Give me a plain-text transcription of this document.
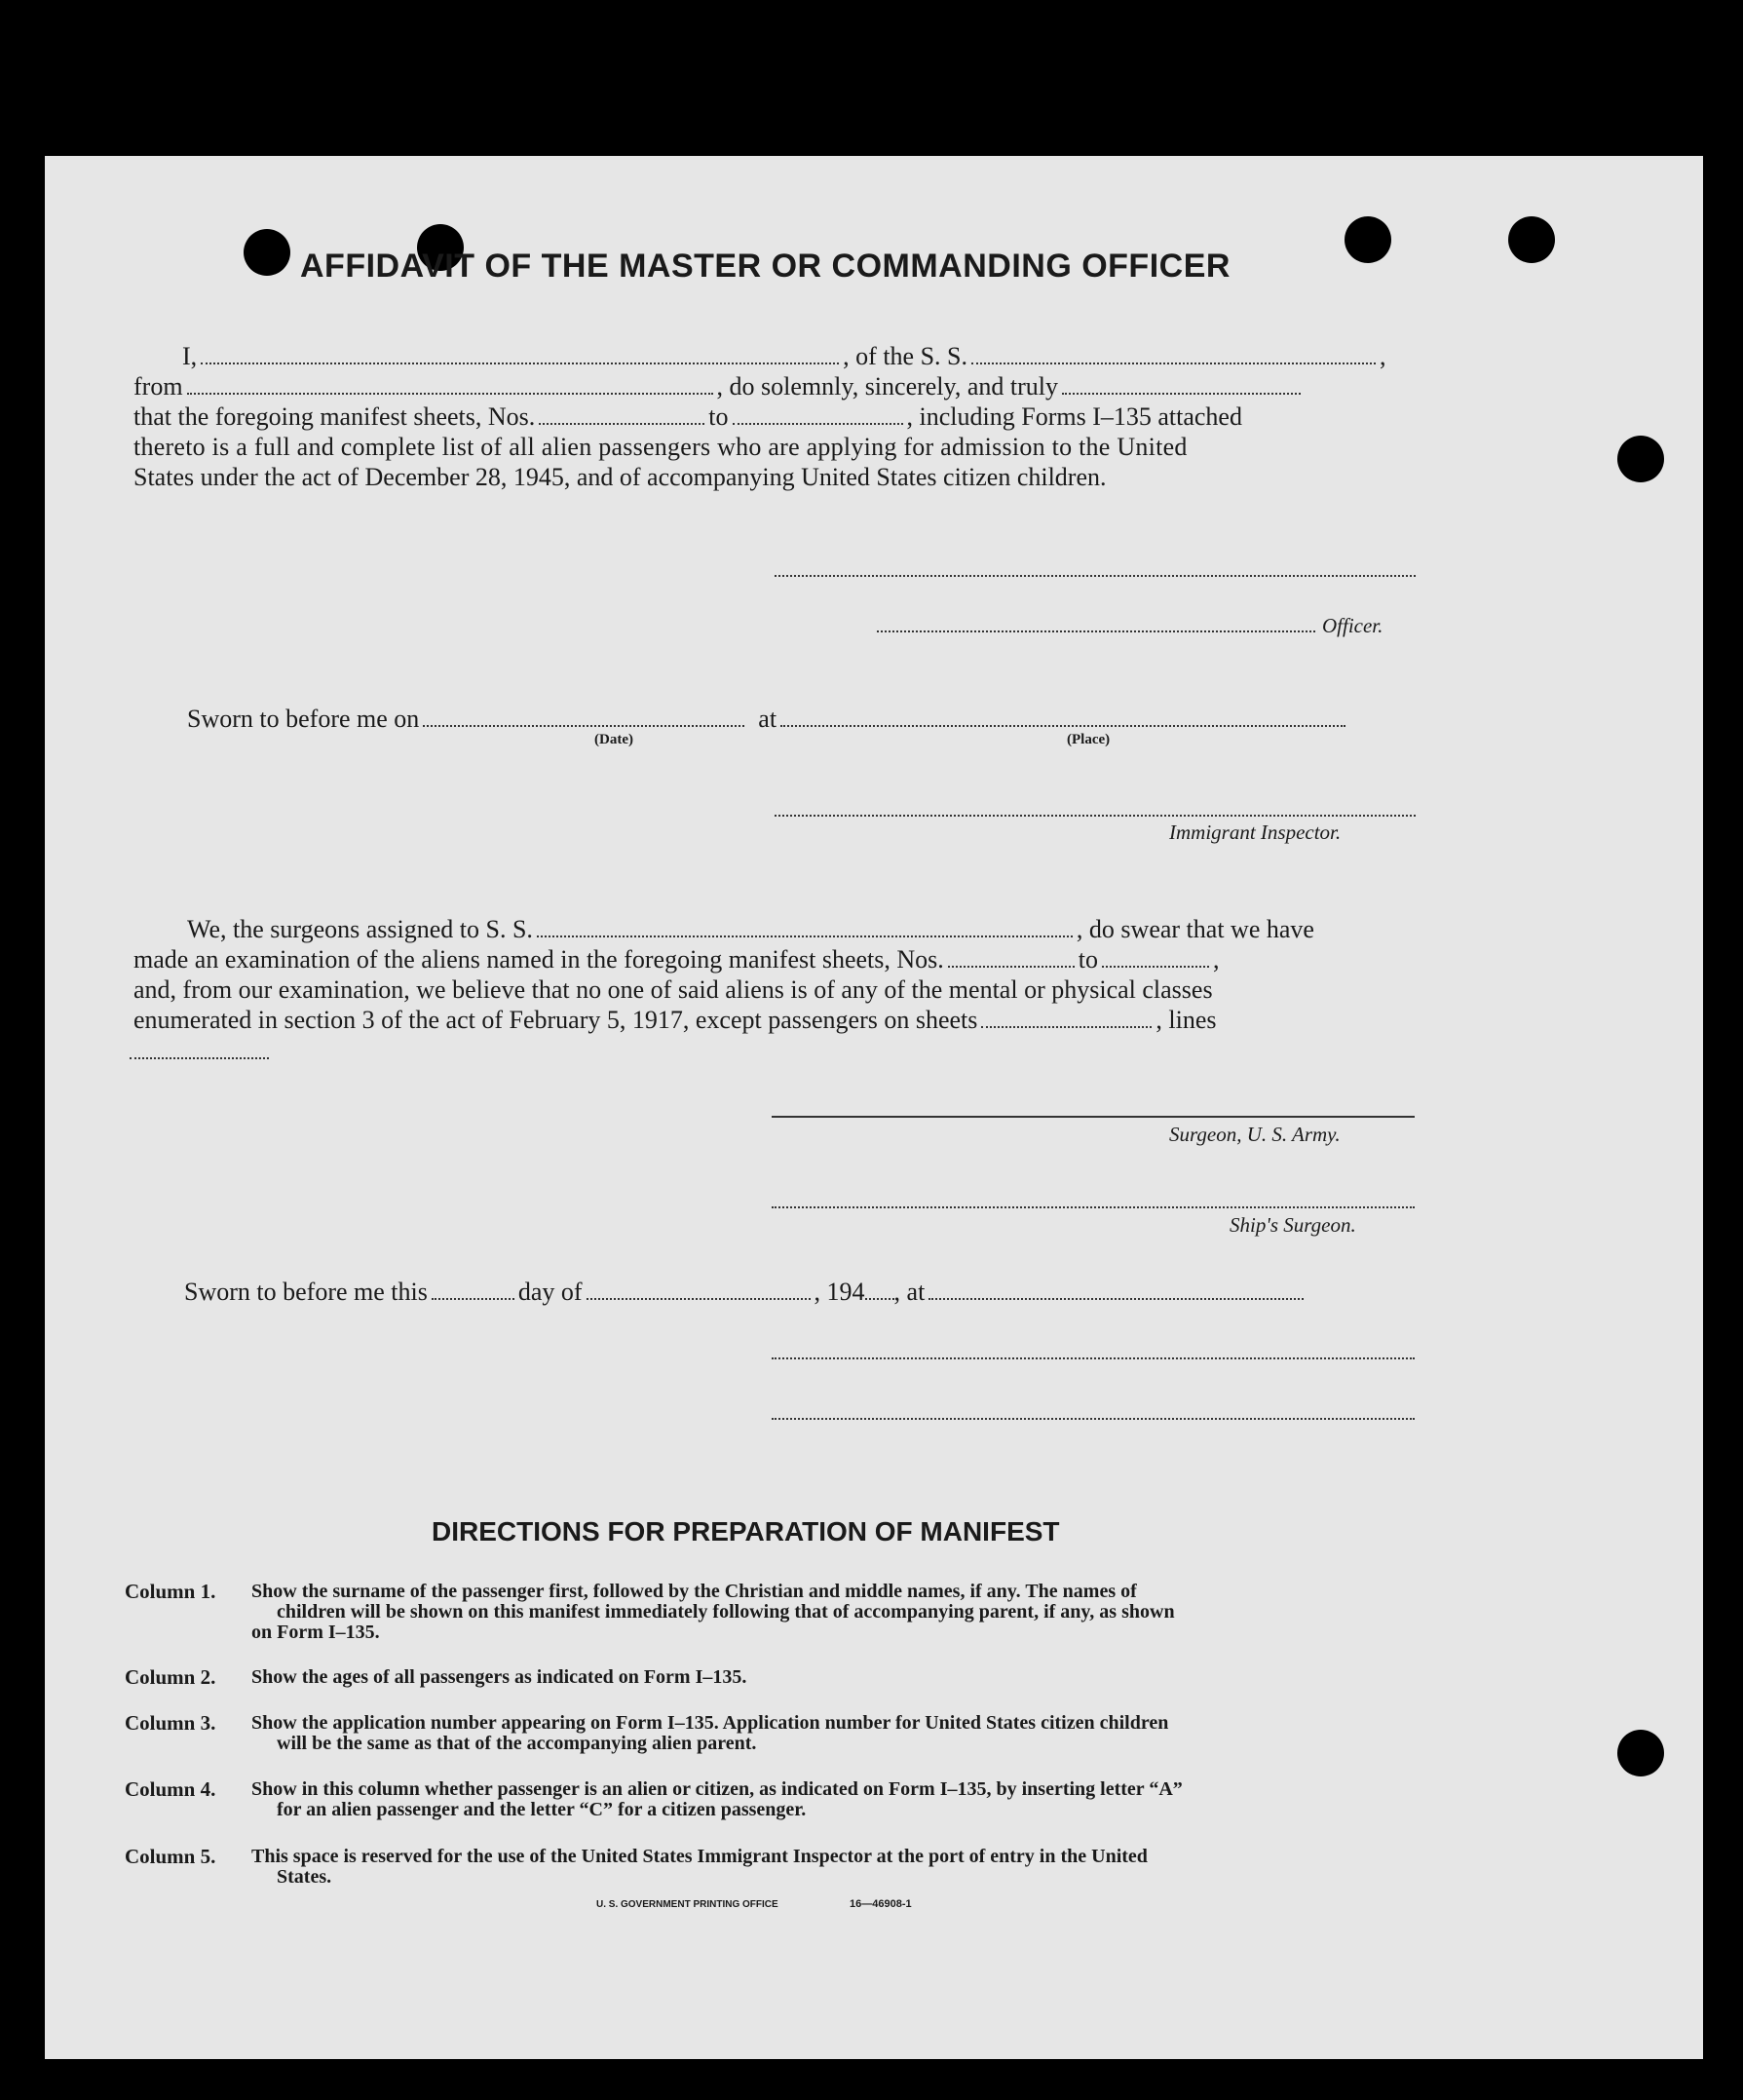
AFFIDAVIT OF THE MASTER OR COMMANDING OFFICER
I,	, of the S. S.	,
from	, do solemnly, sincerely, and truly
that the foregoing manifest sheets, Nos.	to	, including Forms I–135 attached
thereto is a full and complete list of all alien passengers who are applying for admission to the United
States under the act of December 28, 1945, and of accompanying United States citizen children.
Officer.
Sworn to before me on	at
(Date)	(Place)
Immigrant Inspector.
We, the surgeons assigned to S. S.	, do swear that we have
made an examination of the aliens named in the foregoing manifest sheets, Nos.	to	,
and, from our examination, we believe that no one of said aliens is of any of the mental or physical classes
enumerated in section 3 of the act of February 5, 1917, except passengers on sheets	, lines
Surgeon, U. S. Army.
Ship's Surgeon.
Sworn to before me this	day of	, 194 , at
DIRECTIONS FOR PREPARATION OF MANIFEST
Column 1. Show the surname of the passenger first, followed by the Christian and middle names, if any. The names of

children will be shown on this manifest immediately following that of accompanying parent, if any, as shown
on Form I–135.
Column 2. Show the ages of all passengers as indicated on Form I–135.
Column 3. Show the application number appearing on Form I–135. Application number for United States citizen children

will be the same as that of the accompanying alien parent.
Column 4. Show in this column whether passenger is an alien or citizen, as indicated on Form I–135, by inserting letter “A”

for an alien passenger and the letter “C” for a citizen passenger.
Column 5. This space is reserved for the use of the United States Immigrant Inspector at the port of entry in the United

States.
U. S. GOVERNMENT PRINTING OFFICE	16—46908-1
